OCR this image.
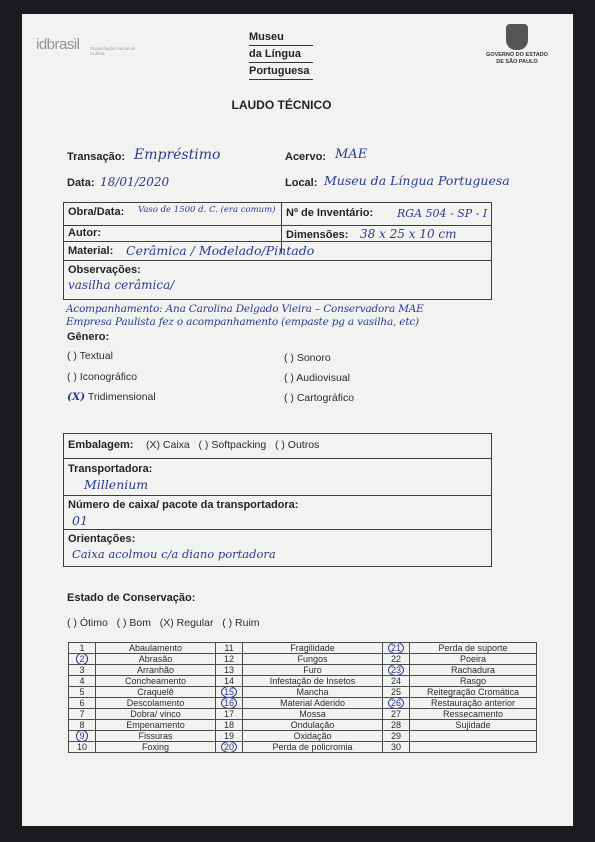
idbrasil Organização Social de Cultura
Museu
da Língua
Portuguesa
GOVERNO DO ESTADO
DE SÃO PAULO
LAUDO TÉCNICO
Transação: Empréstimo	Acervo: MAE
Data: 18/01/2020	Local: Museu da Língua Portuguesa
Obra/Data: Vaso de 1500 d. C. (era comum) Nº de Inventário: RGA 504 - SP - I
Autor:	Dimensões: 38 x 25 x 10 cm
Material: Cerâmica / Modelado/Pintado
Observações:
vasilha cerâmica/
Acompanhamento: Ana Carolina Delgado Vieira – Conservadora MAE
Empresa Paulista fez o acompanhamento (empaste pg a vasilha, etc)
Gênero:
( ) Textual
( ) Iconográfico
(X) Tridimensional
( ) Sonoro
( ) Audiovisual
( ) Cartográfico
Embalagem: (X) Caixa   ( ) Softpacking   ( ) Outros
Transportadora:
Millenium
Número de caixa/ pacote da transportadora:
01
Orientações:
Caixa acolmou c/a diano portadora
Estado de Conservação:
( ) Ótimo   ( ) Bom   (X) Regular   ( ) Ruim
1	Abaulamento	11	Fragilidade	21	Perda de suporte
2	Abrasão	12	Fungos	22	Poeira
3	Arranhão	13	Furo	23	Rachadura
4	Concheamento	14	Infestação de Insetos	24	Rasgo
5	Craquelê	15	Mancha	25	Reitegração Cromática
6	Descolamento	16	Material Aderido	26	Restauração anterior
7	Dobra/ vinco	17	Mossa	27	Ressecamento
8	Empenamento	18	Ondulação	28	Sujidade
9	Fissuras	19	Oxidação	29	
10	Foxing	20	Perda de policromia	30	
